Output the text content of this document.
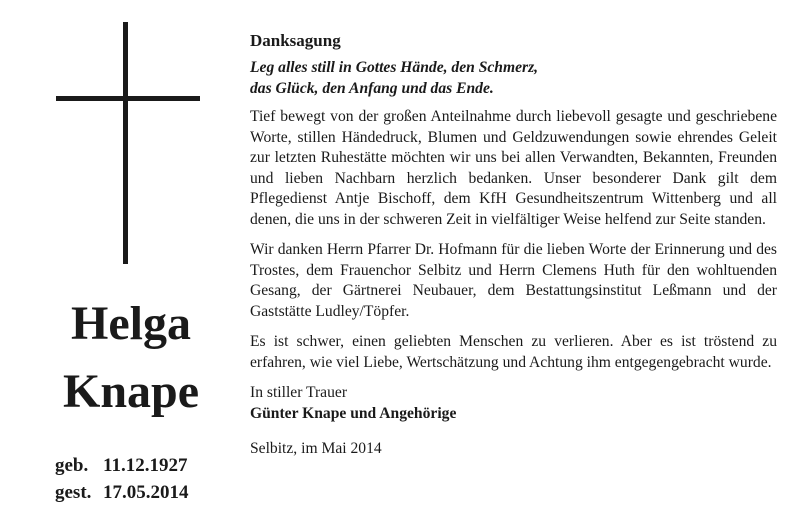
Helga
Knape
geb. 11.12.1927
gest. 17.05.2014
Danksagung
Leg alles still in Gottes Hände, den Schmerz,
das Glück, den Anfang und das Ende.
Tief bewegt von der großen Anteilnahme durch liebevoll gesagte und geschriebene Worte, stillen Händedruck, Blumen und Geldzuwendungen sowie ehrendes Geleit zur letzten Ruhestätte möchten wir uns bei allen Verwandten, Bekannten, Freunden und lieben Nachbarn herzlich bedanken. Unser besonderer Dank gilt dem Pflegedienst Antje Bischoff, dem KfH Gesundheitszentrum Wittenberg und all denen, die uns in der schweren Zeit in vielfältiger Weise helfend zur Seite standen.
Wir danken Herrn Pfarrer Dr. Hofmann für die lieben Worte der Erinnerung und des Trostes, dem Frauenchor Selbitz und Herrn Clemens Huth für den wohltuenden Gesang, der Gärtnerei Neubauer, dem Bestattungsinstitut Leßmann und der Gaststätte Ludley/Töpfer.
Es ist schwer, einen geliebten Menschen zu verlieren. Aber es ist tröstend zu erfahren, wie viel Liebe, Wertschätzung und Achtung ihm entgegengebracht wurde.
In stiller Trauer
Günter Knape und Angehörige
Selbitz, im Mai 2014
